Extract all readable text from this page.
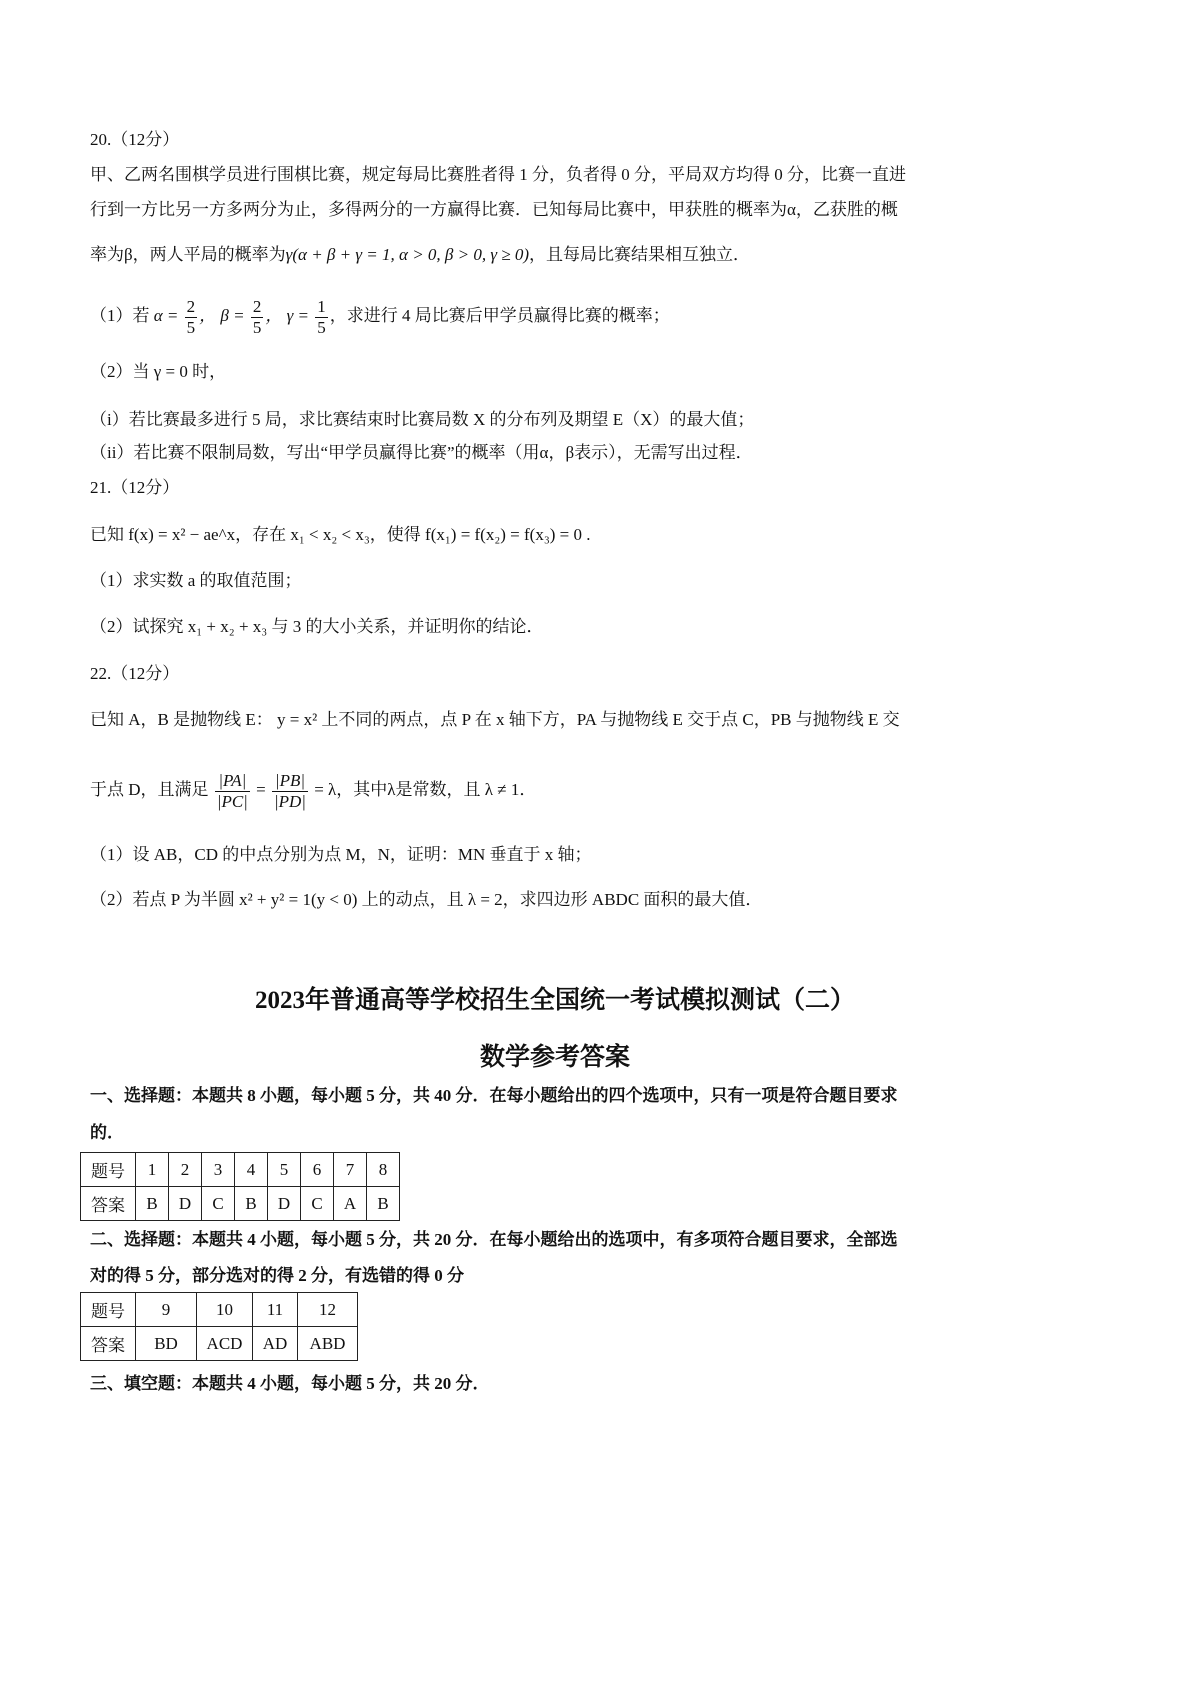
20.（12分）
甲、乙两名围棋学员进行围棋比赛，规定每局比赛胜者得 1 分，负者得 0 分，平局双方均得 0 分，比赛一直进
行到一方比另一方多两分为止，多得两分的一方赢得比赛．已知每局比赛中，甲获胜的概率为α，乙获胜的概
率为β，两人平局的概率为γ(α + β + γ = 1, α > 0, β > 0, γ ≥ 0)，且每局比赛结果相互独立．
（1）若 $\alpha = \frac{2}{5}$ ， $\beta = \frac{2}{5}$ ， $\gamma = \frac{1}{5}$ ，求进行 4 局比赛后甲学员赢得比赛的概率；
（2）当 γ = 0 时，
（i）若比赛最多进行 5 局，求比赛结束时比赛局数 X 的分布列及期望 E（X）的最大值；
（ii）若比赛不限制局数，写出“甲学员赢得比赛”的概率（用α，β表示），无需写出过程．
21.（12分）
已知 f(x) = x² − ae^x，存在 x₁ < x₂ < x₃，使得 f(x₁) = f(x₂) = f(x₃) = 0 .
（1）求实数 a 的取值范围；
（2）试探究 x₁ + x₂ + x₃ 与 3 的大小关系，并证明你的结论．
22.（12分）
已知 A，B 是抛物线 E： y = x² 上不同的两点，点 P 在 x 轴下方，PA 与抛物线 E 交于点 C，PB 与抛物线 E 交
于点 D，且满足 $\frac{|PA|}{|PC|} = \frac{|PB|}{|PD|} = \lambda$，其中λ是常数，且 λ ≠ 1．
（1）设 AB，CD 的中点分别为点 M，N，证明：MN 垂直于 x 轴；
（2）若点 P 为半圆 x² + y² = 1(y < 0) 上的动点，且 λ = 2，求四边形 ABDC 面积的最大值．
2023年普通高等学校招生全国统一考试模拟测试（二）
数学参考答案
一、选择题：本题共 8 小题，每小题 5 分，共 40 分．在每小题给出的四个选项中，只有一项是符合题目要求
的．
题号	1	2	3	4	5	6	7	8
答案	B	D	C	B	D	C	A	B
二、选择题：本题共 4 小题，每小题 5 分，共 20 分．在每小题给出的选项中，有多项符合题目要求，全部选
对的得 5 分，部分选对的得 2 分，有选错的得 0 分
题号	9	10	11	12
答案	BD	ACD	AD	ABD
三、填空题：本题共 4 小题，每小题 5 分，共 20 分．
